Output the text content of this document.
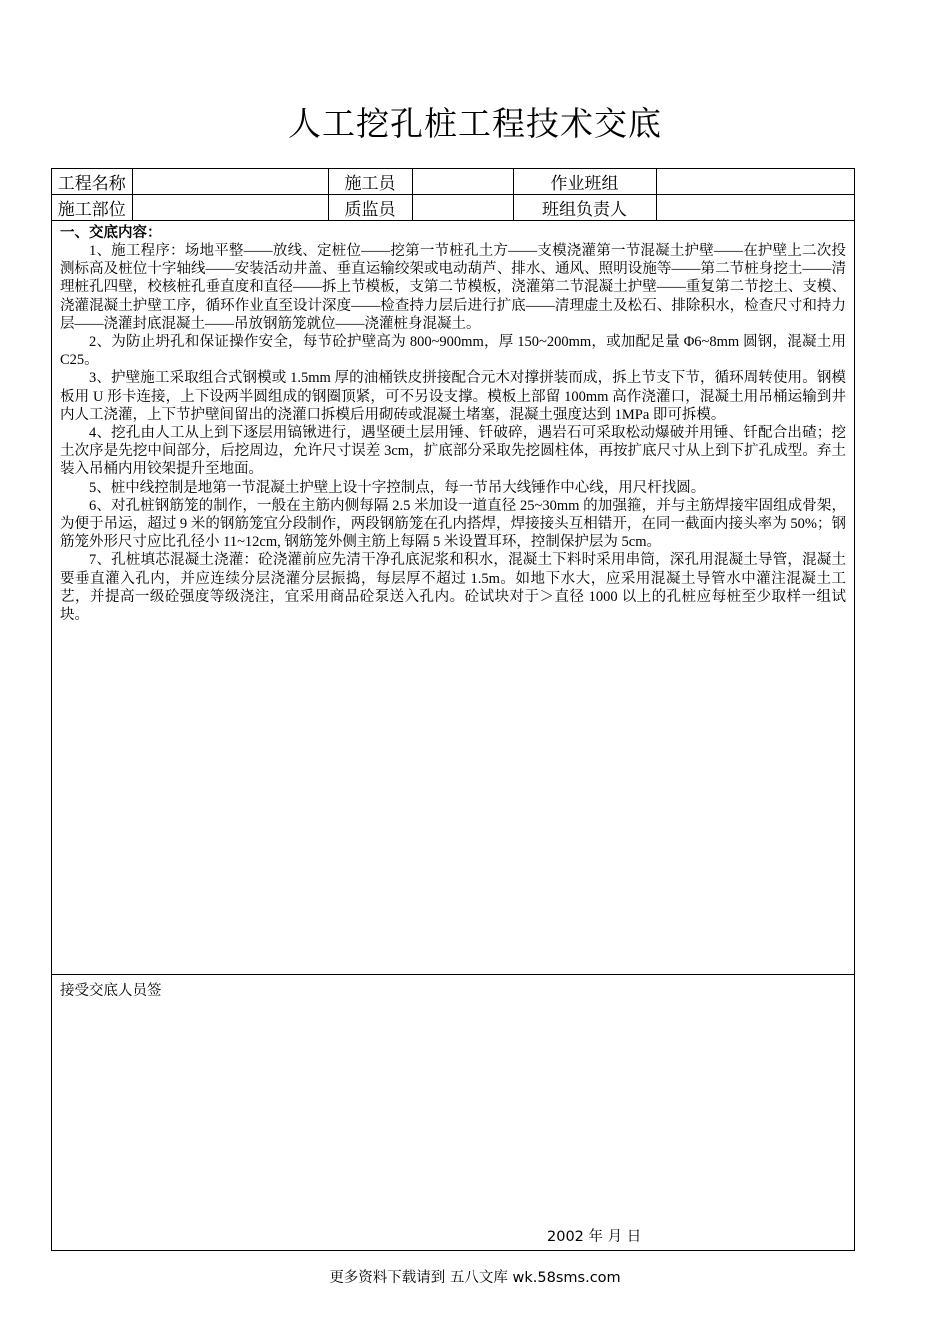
人工挖孔桩工程技术交底
工程名称		施工员		作业班组	
施工部位		质监员		班组负责人	
一、交底内容：

1、施工程序：场地平整——放线、定桩位——挖第一节桩孔土方——支模浇灌第一节混凝土护壁——在护壁上二次投测标高及桩位十字轴线——安装活动井盖、垂直运输绞架或电动葫芦、排水、通风、照明设施等——第二节桩身挖土——清理桩孔四壁，校核桩孔垂直度和直径——拆上节模板，支第二节模板，浇灌第二节混凝土护壁——重复第二节挖土、支模、浇灌混凝土护壁工序，循环作业直至设计深度——检查持力层后进行扩底——清理虚土及松石、排除积水，检查尺寸和持力层——浇灌封底混凝土——吊放钢筋笼就位——浇灌桩身混凝土。

2、为防止坍孔和保证操作安全，每节砼护壁高为 800~900mm，厚 150~200mm，或加配足量 Φ6~8mm 圆钢，混凝土用 C25。

3、护壁施工采取组合式钢模或 1.5mm 厚的油桶铁皮拼接配合元木对撑拼装而成，拆上节支下节，循环周转使用。钢模板用 U 形卡连接，上下设两半圆组成的钢圈顶紧，可不另设支撑。模板上部留 100mm 高作浇灌口，混凝土用吊桶运输到井内人工浇灌，上下节护壁间留出的浇灌口拆模后用砌砖或混凝土堵塞，混凝土强度达到 1MPa 即可拆模。

4、挖孔由人工从上到下逐层用镐锹进行，遇坚硬土层用锤、钎破碎，遇岩石可采取松动爆破并用锤、钎配合出碴；挖土次序是先挖中间部分，后挖周边，允许尺寸误差 3cm，扩底部分采取先挖圆柱体，再按扩底尺寸从上到下扩孔成型。弃土装入吊桶内用铰架提升至地面。

5、桩中线控制是地第一节混凝土护壁上设十字控制点，每一节吊大线锤作中心线，用尺杆找圆。

6、对孔桩钢筋笼的制作，一般在主筋内侧每隔 2.5 米加设一道直径 25~30mm 的加强箍，并与主筋焊接牢固组成骨架，为便于吊运，超过 9 米的钢筋笼宜分段制作，两段钢筋笼在孔内搭焊，焊接接头互相错开，在同一截面内接头率为 50%；钢筋笼外形尺寸应比孔径小 11~12cm, 钢筋笼外侧主筋上每隔 5 米设置耳环，控制保护层为 5cm。

7、孔桩填芯混凝土浇灌：砼浇灌前应先清干净孔底泥浆和积水，混凝土下料时采用串筒，深孔用混凝土导管，混凝土要垂直灌入孔内，并应连续分层浇灌分层振捣，每层厚不超过 1.5m。如地下水大，应采用混凝土导管水中灌注混凝土工艺，并提高一级砼强度等级浇注，宜采用商品砼泵送入孔内。砼试块对于＞直径 1000 以上的孔桩应每桩至少取样一组试块。

接受交底人员签
2002 年 月 日
更多资料下载请到 五八文库 wk.58sms.com
